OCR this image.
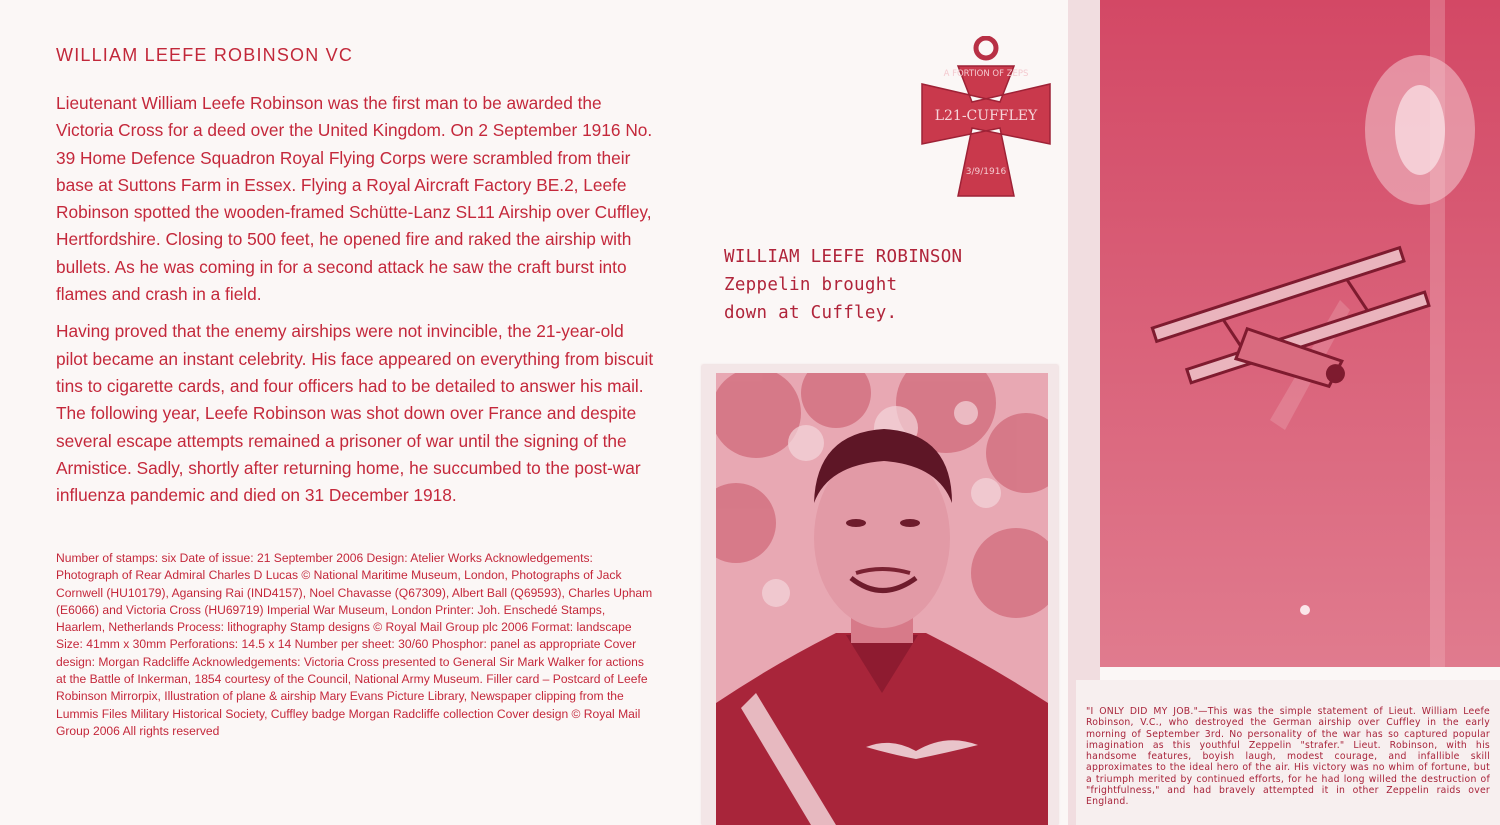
WILLIAM LEEFE ROBINSON VC

Lieutenant William Leefe Robinson was the first man to be awarded the Victoria Cross for a deed over the United Kingdom. On 2 September 1916 No. 39 Home Defence Squadron Royal Flying Corps were scrambled from their base at Suttons Farm in Essex. Flying a Royal Aircraft Factory BE.2, Leefe Robinson spotted the wooden-framed Schütte-Lanz SL11 Airship over Cuffley, Hertfordshire. Closing to 500 feet, he opened fire and raked the airship with bullets. As he was coming in for a second attack he saw the craft burst into flames and crash in a field.

Having proved that the enemy airships were not invincible, the 21-year-old pilot became an instant celebrity. His face appeared on everything from biscuit tins to cigarette cards, and four officers had to be detailed to answer his mail. The following year, Leefe Robinson was shot down over France and despite several escape attempts remained a prisoner of war until the signing of the Armistice. Sadly, shortly after returning home, he succumbed to the post-war influenza pandemic and died on 31 December 1918.

Number of stamps: six Date of issue: 21 September 2006 Design: Atelier Works Acknowledgements: Photograph of Rear Admiral Charles D Lucas © National Maritime Museum, London, Photographs of Jack Cornwell (HU10179), Agansing Rai (IND4157), Noel Chavasse (Q67309), Albert Ball (Q69593), Charles Upham (E6066) and Victoria Cross (HU69719) Imperial War Museum, London Printer: Joh. Enschedé Stamps, Haarlem, Netherlands Process: lithography Stamp designs © Royal Mail Group plc 2006 Format: landscape Size: 41mm x 30mm Perforations: 14.5 x 14 Number per sheet: 30/60 Phosphor: panel as appropriate Cover design: Morgan Radcliffe Acknowledgements: Victoria Cross presented to General Sir Mark Walker for actions at the Battle of Inkerman, 1854 courtesy of the Council, National Army Museum. Filler card – Postcard of Leefe Robinson Mirrorpix, Illustration of plane & airship Mary Evans Picture Library, Newspaper clipping from the Lummis Files Military Historical Society, Cuffley badge Morgan Radcliffe collection Cover design © Royal Mail Group 2006 All rights reserved
A FORTION OF ZEPS
L21-CUFFLEY
3/9/1916
WILLIAM LEEFE ROBINSON
Zeppelin brought
down at Cuffley.
"I ONLY DID MY JOB."—This was the simple statement of Lieut. William Leefe Robinson, V.C., who destroyed the German airship over Cuffley in the early morning of September 3rd. No personality of the war has so captured popular imagination as this youthful Zeppelin "strafer." Lieut. Robinson, with his handsome features, boyish laugh, modest courage, and infallible skill approximates to the ideal hero of the air. His victory was no whim of fortune, but a triumph merited by continued efforts, for he had long willed the destruction of "frightfulness," and had bravely attempted it in other Zeppelin raids over England.
